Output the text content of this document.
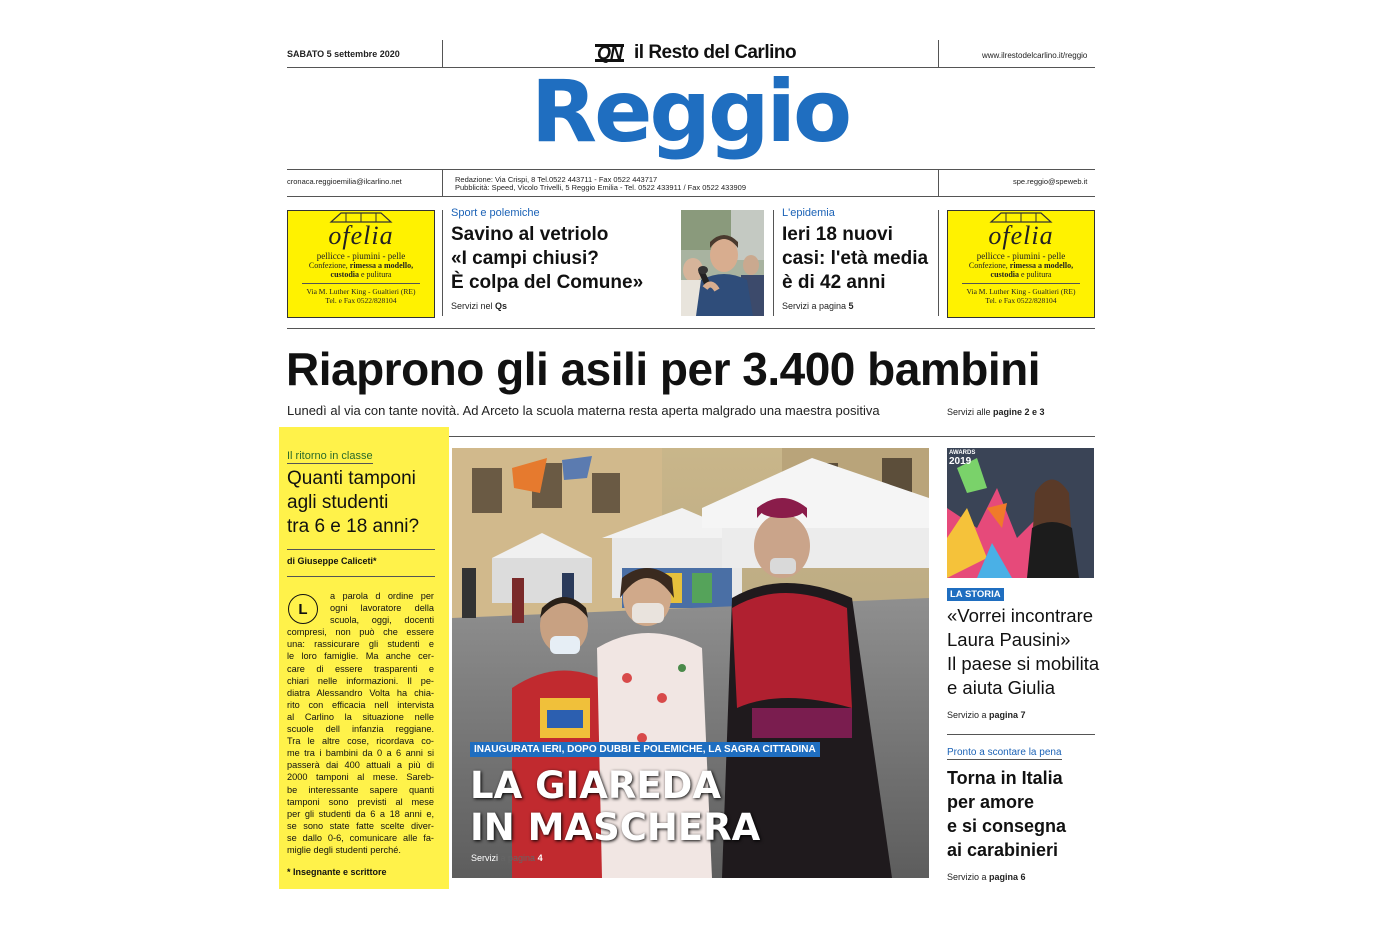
SABATO 5 settembre 2020	QN il Resto del Carlino	www.ilrestodelcarlino.it/reggio
Reggio
cronaca.reggioemilia@ilcarlino.net	Redazione: Via Crispi, 8 Tel.0522 443711 - Fax 0522 443717
Pubblicità: Speed, Vicolo Trivelli, 5 Reggio Emilia - Tel. 0522 433911 / Fax 0522 433909
spe.reggio@speweb.it
ofelia
pellicce - piumini - pelle
Confezione, rimessa a modello,
custodia e pulitura
Via M. Luther King - Gualtieri (RE)
Tel. e Fax 0522/828104
ofelia
pellicce - piumini - pelle
Confezione, rimessa a modello,
custodia e pulitura
Via M. Luther King - Gualtieri (RE)
Tel. e Fax 0522/828104
Sport e polemiche
Savino al vetriolo
«I campi chiusi?
È colpa del Comune»
Servizi nel Qs
L'epidemia
Ieri 18 nuovi
casi: l'età media
è di 42 anni
Servizi a pagina 5
Riaprono gli asili per 3.400 bambini
Lunedì al via con tante novità. Ad Arceto la scuola materna resta aperta malgrado una maestra positiva	Servizi alle pagine 2 e 3
Il ritorno in classe
Quanti tamponi
agli studenti
tra 6 e 18 anni?
di Giuseppe Caliceti*
L

a parola d ordine per

ogni lavoratore della

scuola, oggi, docenti

compresi, non può che essere

una: rassicurare gli studenti e

le loro famiglie. Ma anche cer-

care di essere trasparenti e

chiari nelle informazioni. Il pe-

diatra Alessandro Volta ha chia-

rito con efficacia nell intervista

al Carlino la situazione nelle

scuole dell infanzia reggiane.

Tra le altre cose, ricordava co-

me tra i bambini da 0 a 6 anni si

passerà dai 400 attuali a più di

2000 tamponi al mese. Sareb-

be interessante sapere quanti

tamponi sono previsti al mese

per gli studenti da 6 a 18 anni e,

se sono state fatte scelte diver-

se dallo 0-6, comunicare alle fa-

miglie degli studenti perché.

* Insegnante e scrittore
INAUGURATA IERI, DOPO DUBBI E POLEMICHE, LA SAGRA CITTADINA
LA GIAREDA
IN MASCHERA
Servizi a pagina 4
AWARDS
2019
LA STORIA
«Vorrei incontrare
Laura Pausini»
Il paese si mobilita
e aiuta Giulia
Servizio a pagina 7
Pronto a scontare la pena
Torna in Italia
per amore
e si consegna
ai carabinieri
Servizio a pagina 6
